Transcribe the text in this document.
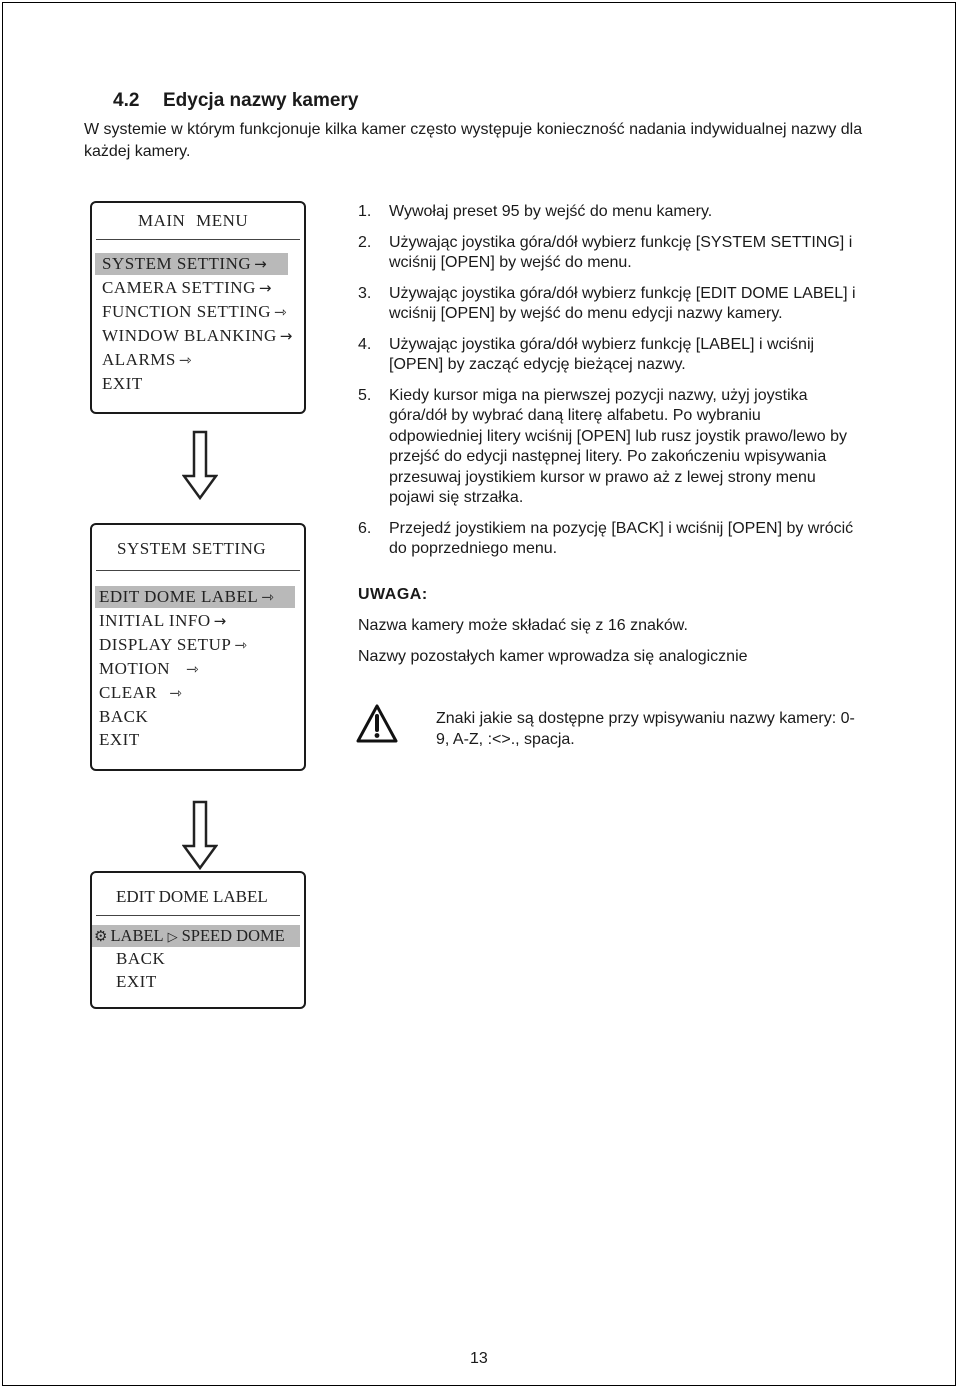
4.2 Edycja nazwy kamery
W systemie w którym funkcjonuje kilka kamer często występuje konieczność nadania indywidualnej nazwy dla każdej kamery.
MAIN MENU
SYSTEM SETTING →
CAMERA SETTING →
FUNCTION SETTING ⇾
WINDOW BLANKING →
ALARMS ⇾
EXIT
SYSTEM SETTING
EDIT DOME LABEL ⇾
INITIAL INFO →
DISPLAY SETUP ⇾
MOTION ⇾
CLEAR ⇾
BACK
EXIT
EDIT DOME LABEL
⚙ LABEL ▷ SPEED DOME
BACK
EXIT
1. Wywołaj preset 95 by wejść do menu kamery.
2. Używając joystika góra/dół wybierz funkcję [SYSTEM SETTING] i wciśnij [OPEN] by wejść do menu.
3. Używając joystika góra/dół wybierz funkcję [EDIT DOME LABEL] i wciśnij [OPEN] by wejść do menu edycji nazwy kamery.
4. Używając joystika góra/dół wybierz funkcję [LABEL] i wciśnij [OPEN] by zacząć edycję bieżącej nazwy.
5. Kiedy kursor miga na pierwszej pozycji nazwy, użyj joystika góra/dół by wybrać daną literę alfabetu. Po wybraniu odpowiedniej litery wciśnij [OPEN] lub rusz joystik prawo/lewo by przejść do edycji następnej litery. Po zakończeniu wpisywania przesuwaj joystikiem kursor w prawo aż z lewej strony menu pojawi się strzałka.
6. Przejedź joystikiem na pozycję [BACK] i wciśnij [OPEN] by wrócić do poprzedniego menu.
UWAGA:
Nazwa kamery może składać się z 16 znaków.
Nazwy pozostałych kamer wprowadza się analogicznie
Znaki jakie są dostępne przy wpisywaniu nazwy kamery: 0-9, A-Z, :<>., spacja.
13
